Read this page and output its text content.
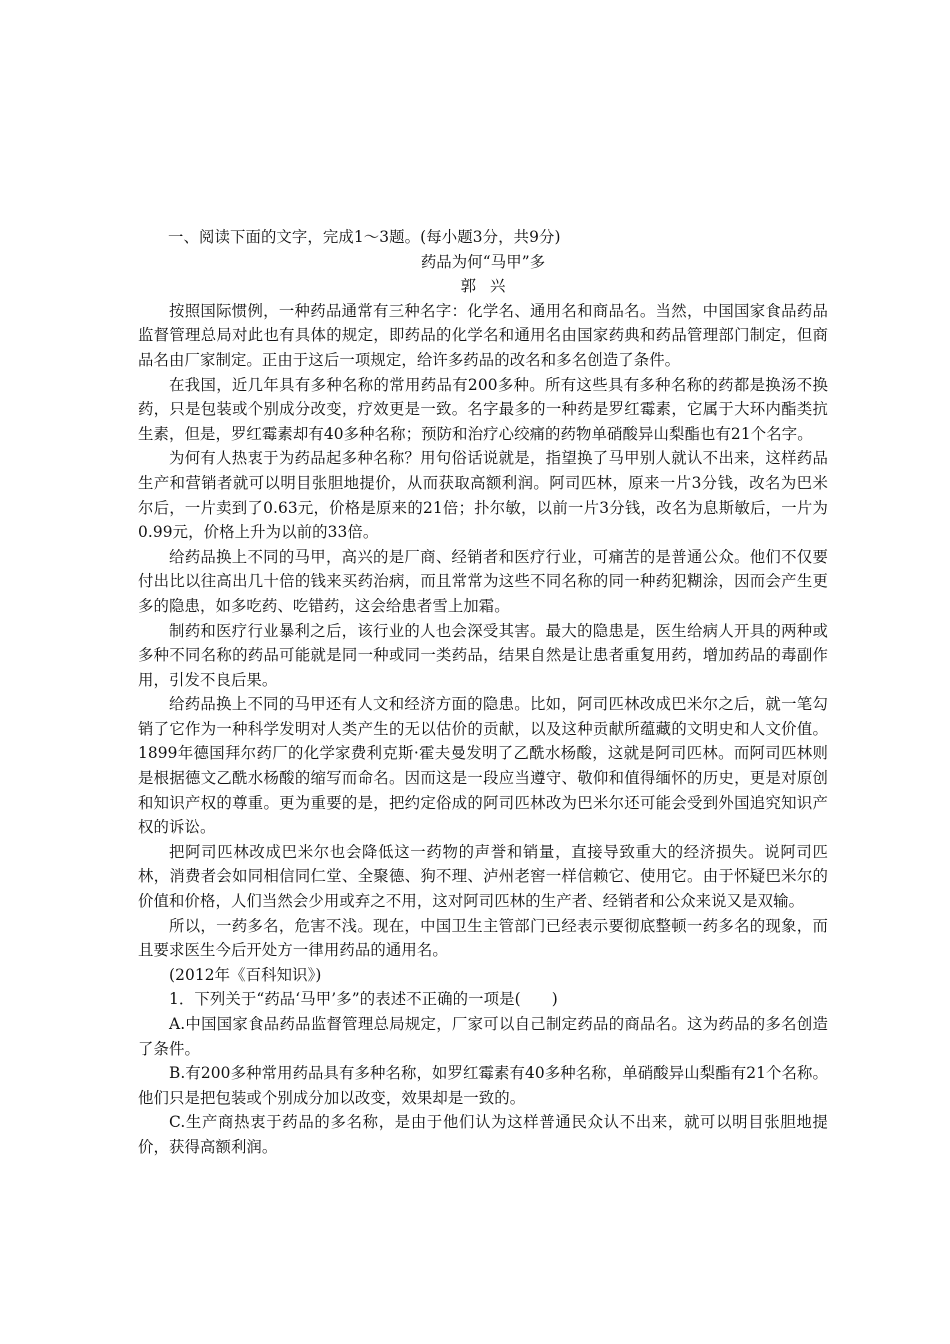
一、阅读下面的文字，完成1～3题。(每小题3分，共9分)

药品为何“马甲”多

郭兴

按照国际惯例，一种药品通常有三种名字：化学名、通用名和商品名。当然，中国国家食品药品监督管理总局对此也有具体的规定，即药品的化学名和通用名由国家药典和药品管理部门制定，但商品名由厂家制定。正由于这后一项规定，给许多药品的改名和多名创造了条件。

在我国，近几年具有多种名称的常用药品有200多种。所有这些具有多种名称的药都是换汤不换药，只是包装或个别成分改变，疗效更是一致。名字最多的一种药是罗红霉素，它属于大环内酯类抗生素，但是，罗红霉素却有40多种名称；预防和治疗心绞痛的药物单硝酸异山梨酯也有21个名字。

为何有人热衷于为药品起多种名称？用句俗话说就是，指望换了马甲别人就认不出来，这样药品生产和营销者就可以明目张胆地提价，从而获取高额利润。阿司匹林，原来一片3分钱，改名为巴米尔后，一片卖到了0.63元，价格是原来的21倍；扑尔敏，以前一片3分钱，改名为息斯敏后，一片为0.99元，价格上升为以前的33倍。

给药品换上不同的马甲，高兴的是厂商、经销者和医疗行业，可痛苦的是普通公众。他们不仅要付出比以往高出几十倍的钱来买药治病，而且常常为这些不同名称的同一种药犯糊涂，因而会产生更多的隐患，如多吃药、吃错药，这会给患者雪上加霜。

制药和医疗行业暴利之后，该行业的人也会深受其害。最大的隐患是，医生给病人开具的两种或多种不同名称的药品可能就是同一种或同一类药品，结果自然是让患者重复用药，增加药品的毒副作用，引发不良后果。

给药品换上不同的马甲还有人文和经济方面的隐患。比如，阿司匹林改成巴米尔之后，就一笔勾销了它作为一种科学发明对人类产生的无以估价的贡献，以及这种贡献所蕴藏的文明史和人文价值。1899年德国拜尔药厂的化学家费利克斯·霍夫曼发明了乙酰水杨酸，这就是阿司匹林。而阿司匹林则是根据德文乙酰水杨酸的缩写而命名。因而这是一段应当遵守、敬仰和值得缅怀的历史，更是对原创和知识产权的尊重。更为重要的是，把约定俗成的阿司匹林改为巴米尔还可能会受到外国追究知识产权的诉讼。

把阿司匹林改成巴米尔也会降低这一药物的声誉和销量，直接导致重大的经济损失。说阿司匹林，消费者会如同相信同仁堂、全聚德、狗不理、泸州老窖一样信赖它、使用它。由于怀疑巴米尔的价值和价格，人们当然会少用或弃之不用，这对阿司匹林的生产者、经销者和公众来说又是双输。

所以，一药多名，危害不浅。现在，中国卫生主管部门已经表示要彻底整顿一药多名的现象，而且要求医生今后开处方一律用药品的通用名。

(2012年《百科知识》)

1．下列关于“药品‘马甲’多”的表述不正确的一项是(　　)

A.中国国家食品药品监督管理总局规定，厂家可以自己制定药品的商品名。这为药品的多名创造了条件。

B.有200多种常用药品具有多种名称，如罗红霉素有40多种名称，单硝酸异山梨酯有21个名称。他们只是把包装或个别成分加以改变，效果却是一致的。

C.生产商热衷于药品的多名称，是由于他们认为这样普通民众认不出来，就可以明目张胆地提价，获得高额利润。
